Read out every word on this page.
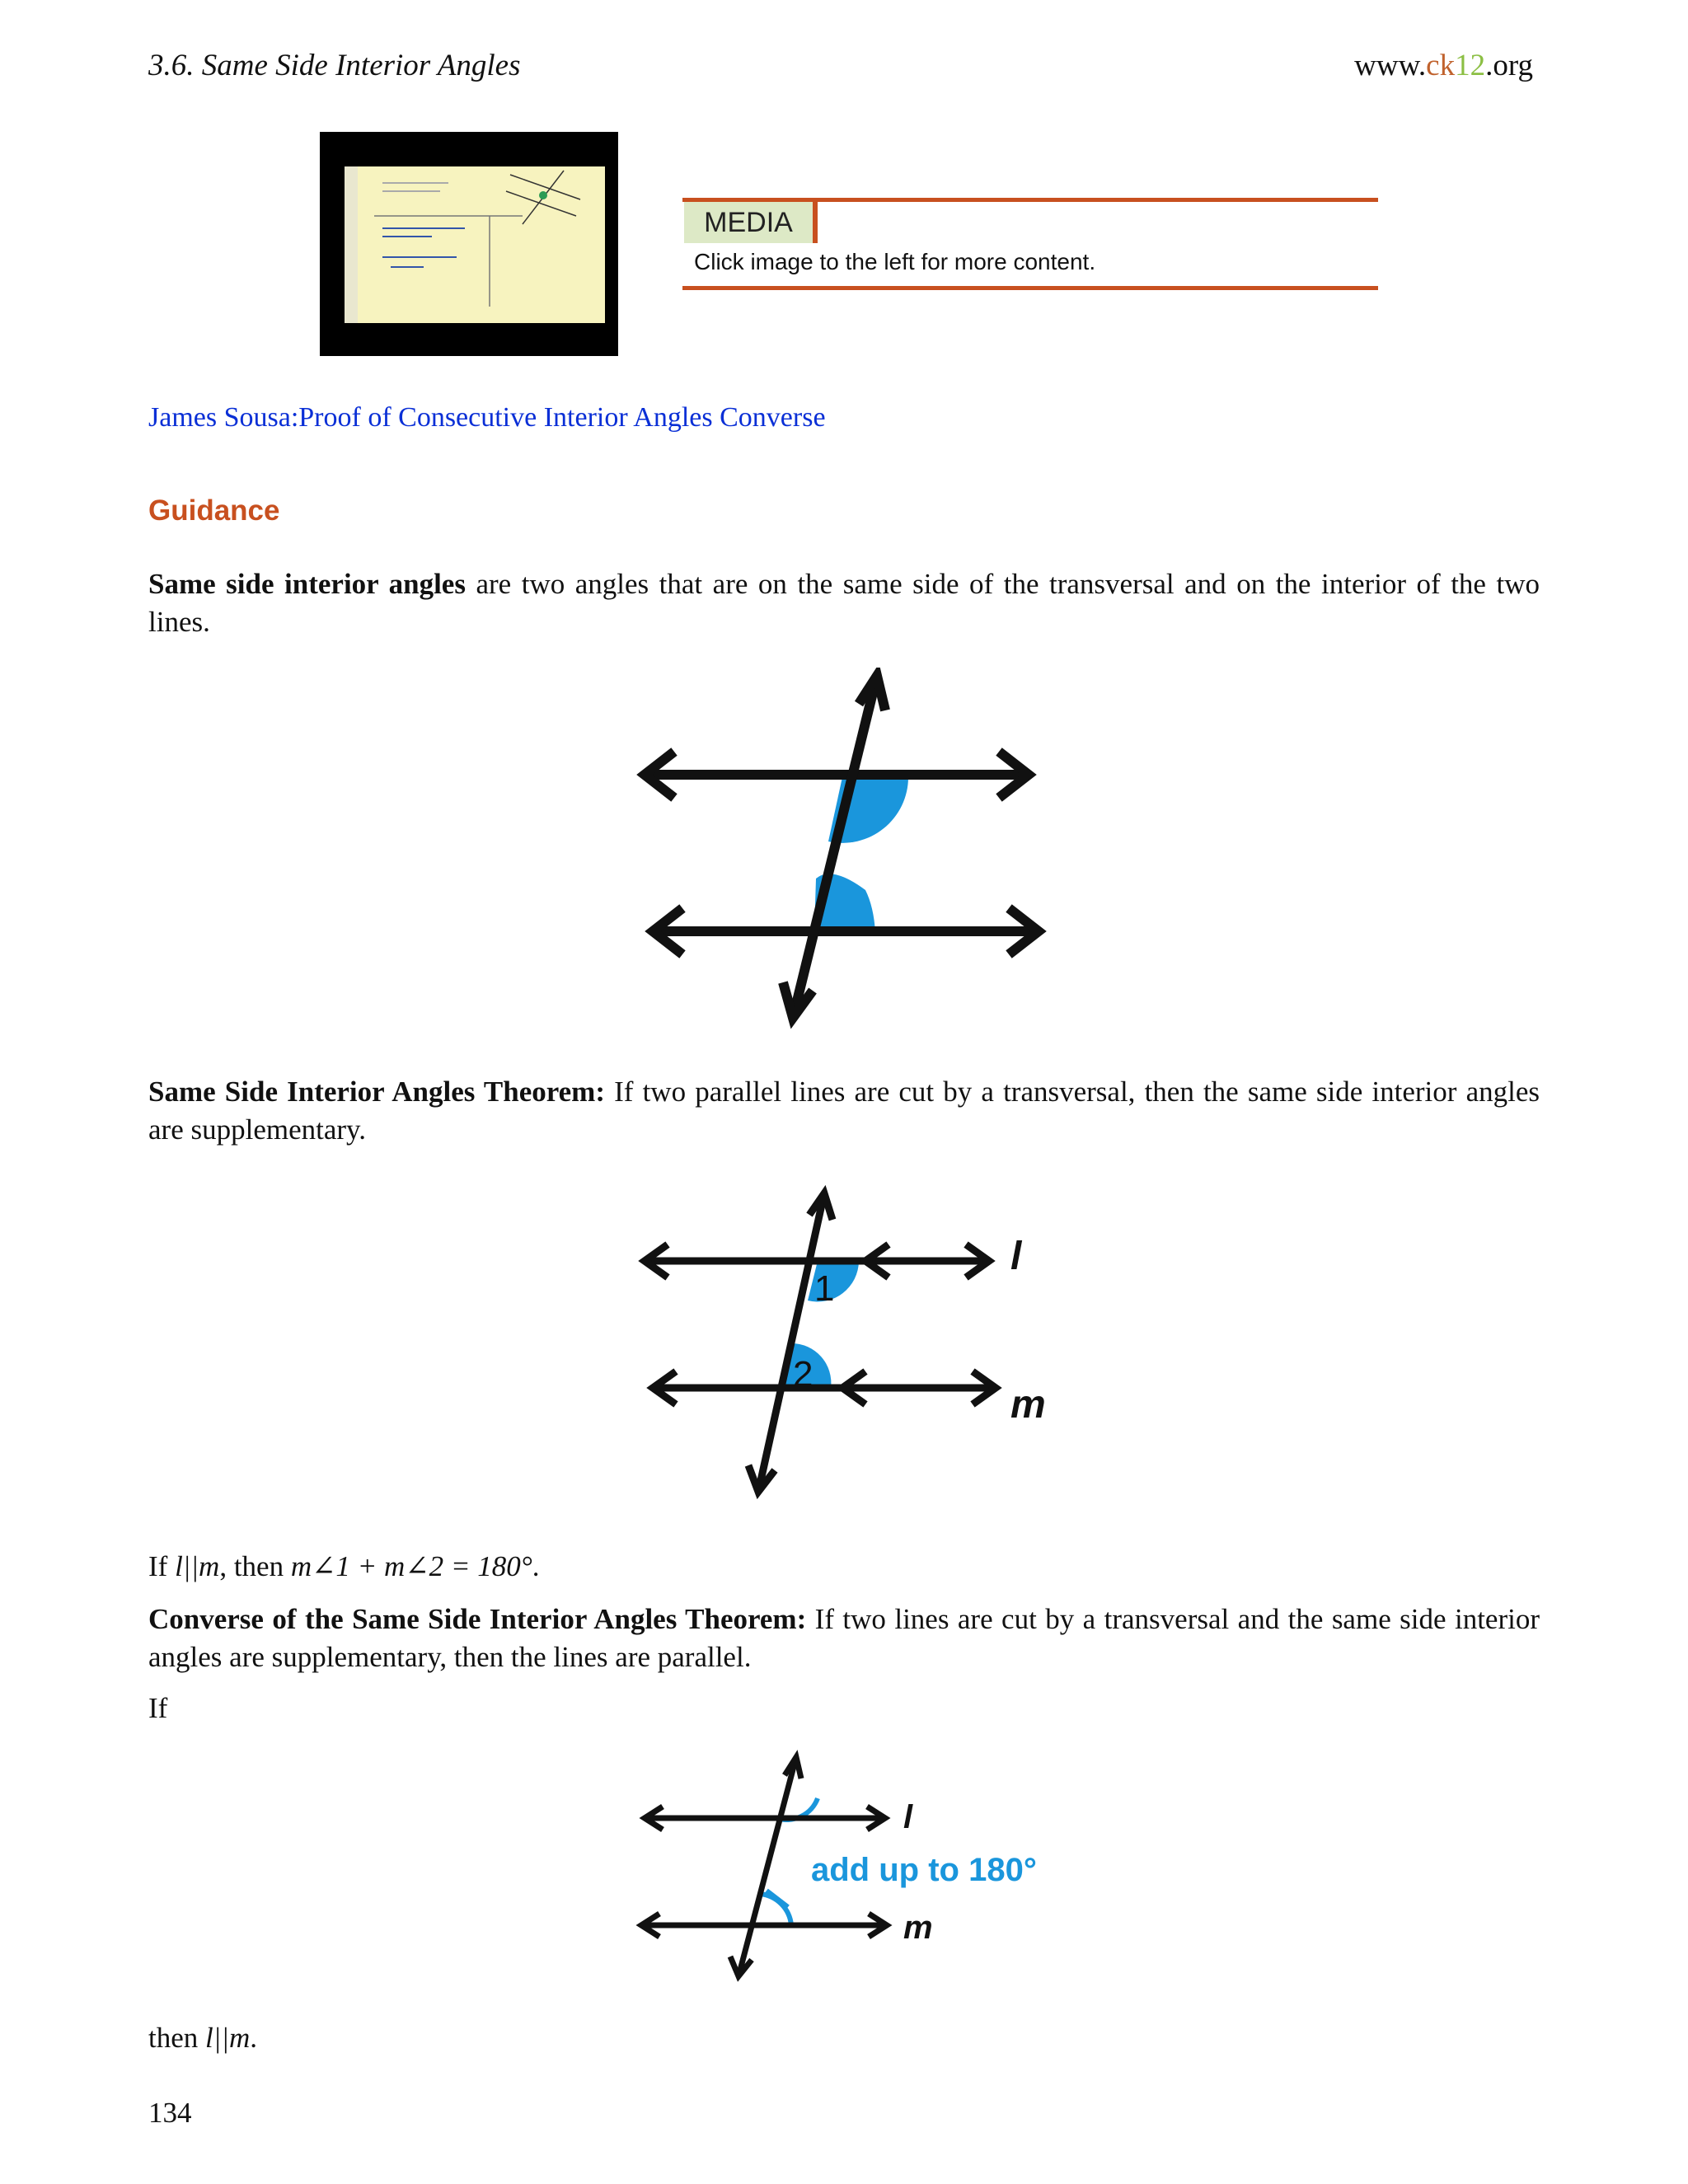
3.6. Same Side Interior Angles	www.ck12.org
MEDIA
Click image to the left for more content.
James Sousa:Proof of Consecutive Interior Angles Converse
Guidance
Same side interior angles are two angles that are on the same side of the transversal and on the interior of the two lines.
Same Side Interior Angles Theorem: If two parallel lines are cut by a transversal, then the same side interior angles are supplementary.
1
2
l
m
If l||m, then m∠1 + m∠2 = 180°.
Converse of the Same Side Interior Angles Theorem: If two lines are cut by a transversal and the same side interior angles are supplementary, then the lines are parallel.
If
l
m
add up to 180°
then l||m.
134
